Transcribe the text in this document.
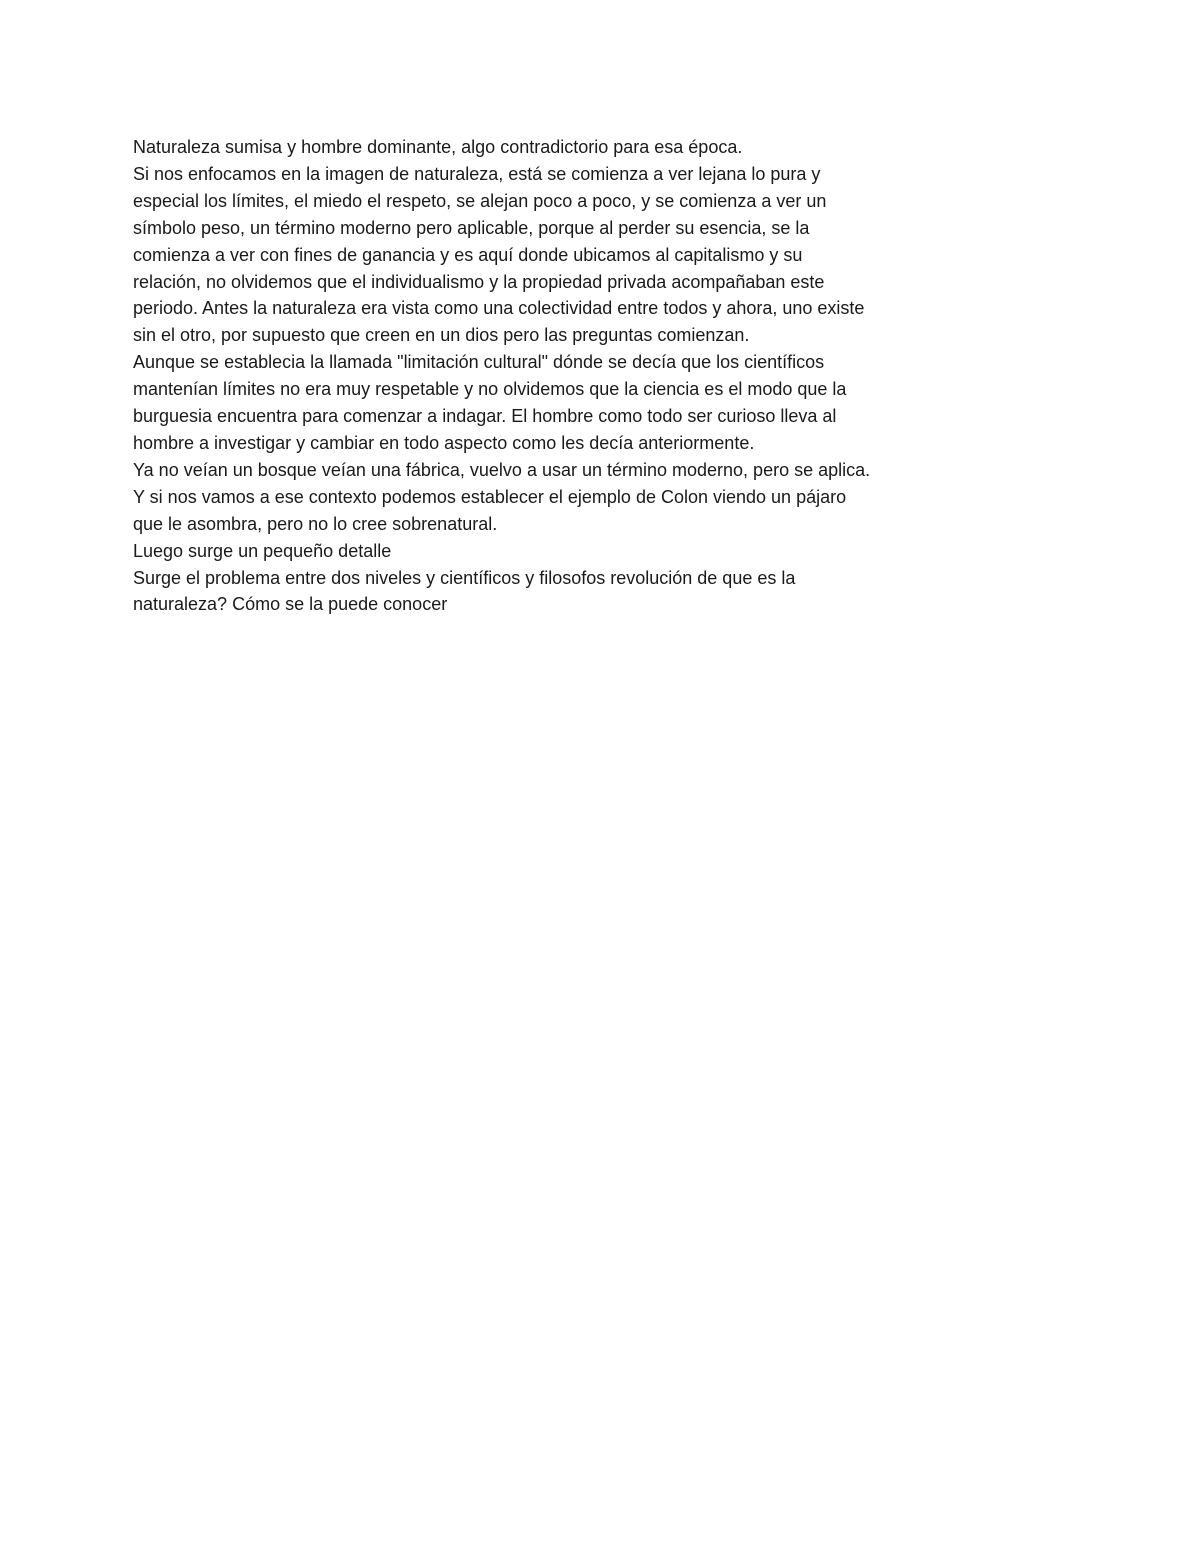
Naturaleza sumisa y hombre dominante, algo contradictorio para esa época.
Si nos enfocamos en la imagen de naturaleza, está se comienza a ver lejana lo pura y
especial los límites, el miedo el respeto, se alejan poco a poco, y se comienza a ver un
símbolo peso, un término moderno pero aplicable, porque al perder su esencia, se la
comienza a ver con fines de ganancia y es aquí donde ubicamos al capitalismo y su
relación, no olvidemos que el individualismo y la propiedad privada acompañaban este
periodo. Antes la naturaleza era vista como una colectividad entre todos y ahora, uno existe
sin el otro, por supuesto que creen en un dios pero las preguntas comienzan.
Aunque se establecia la llamada "limitación cultural" dónde se decía que los científicos
mantenían límites no era muy respetable y no olvidemos que la ciencia es el modo que la
burguesia encuentra para comenzar a indagar. El hombre como todo ser curioso lleva al
hombre a investigar y cambiar en todo aspecto como les decía anteriormente.
Ya no veían un bosque veían una fábrica, vuelvo a usar un término moderno, pero se aplica.
Y si nos vamos a ese contexto podemos establecer el ejemplo de Colon viendo un pájaro
que le asombra, pero no lo cree sobrenatural.
Luego surge un pequeño detalle
Surge el problema entre dos niveles y científicos y filosofos revolución de que es la
naturaleza? Cómo se la puede conocer
